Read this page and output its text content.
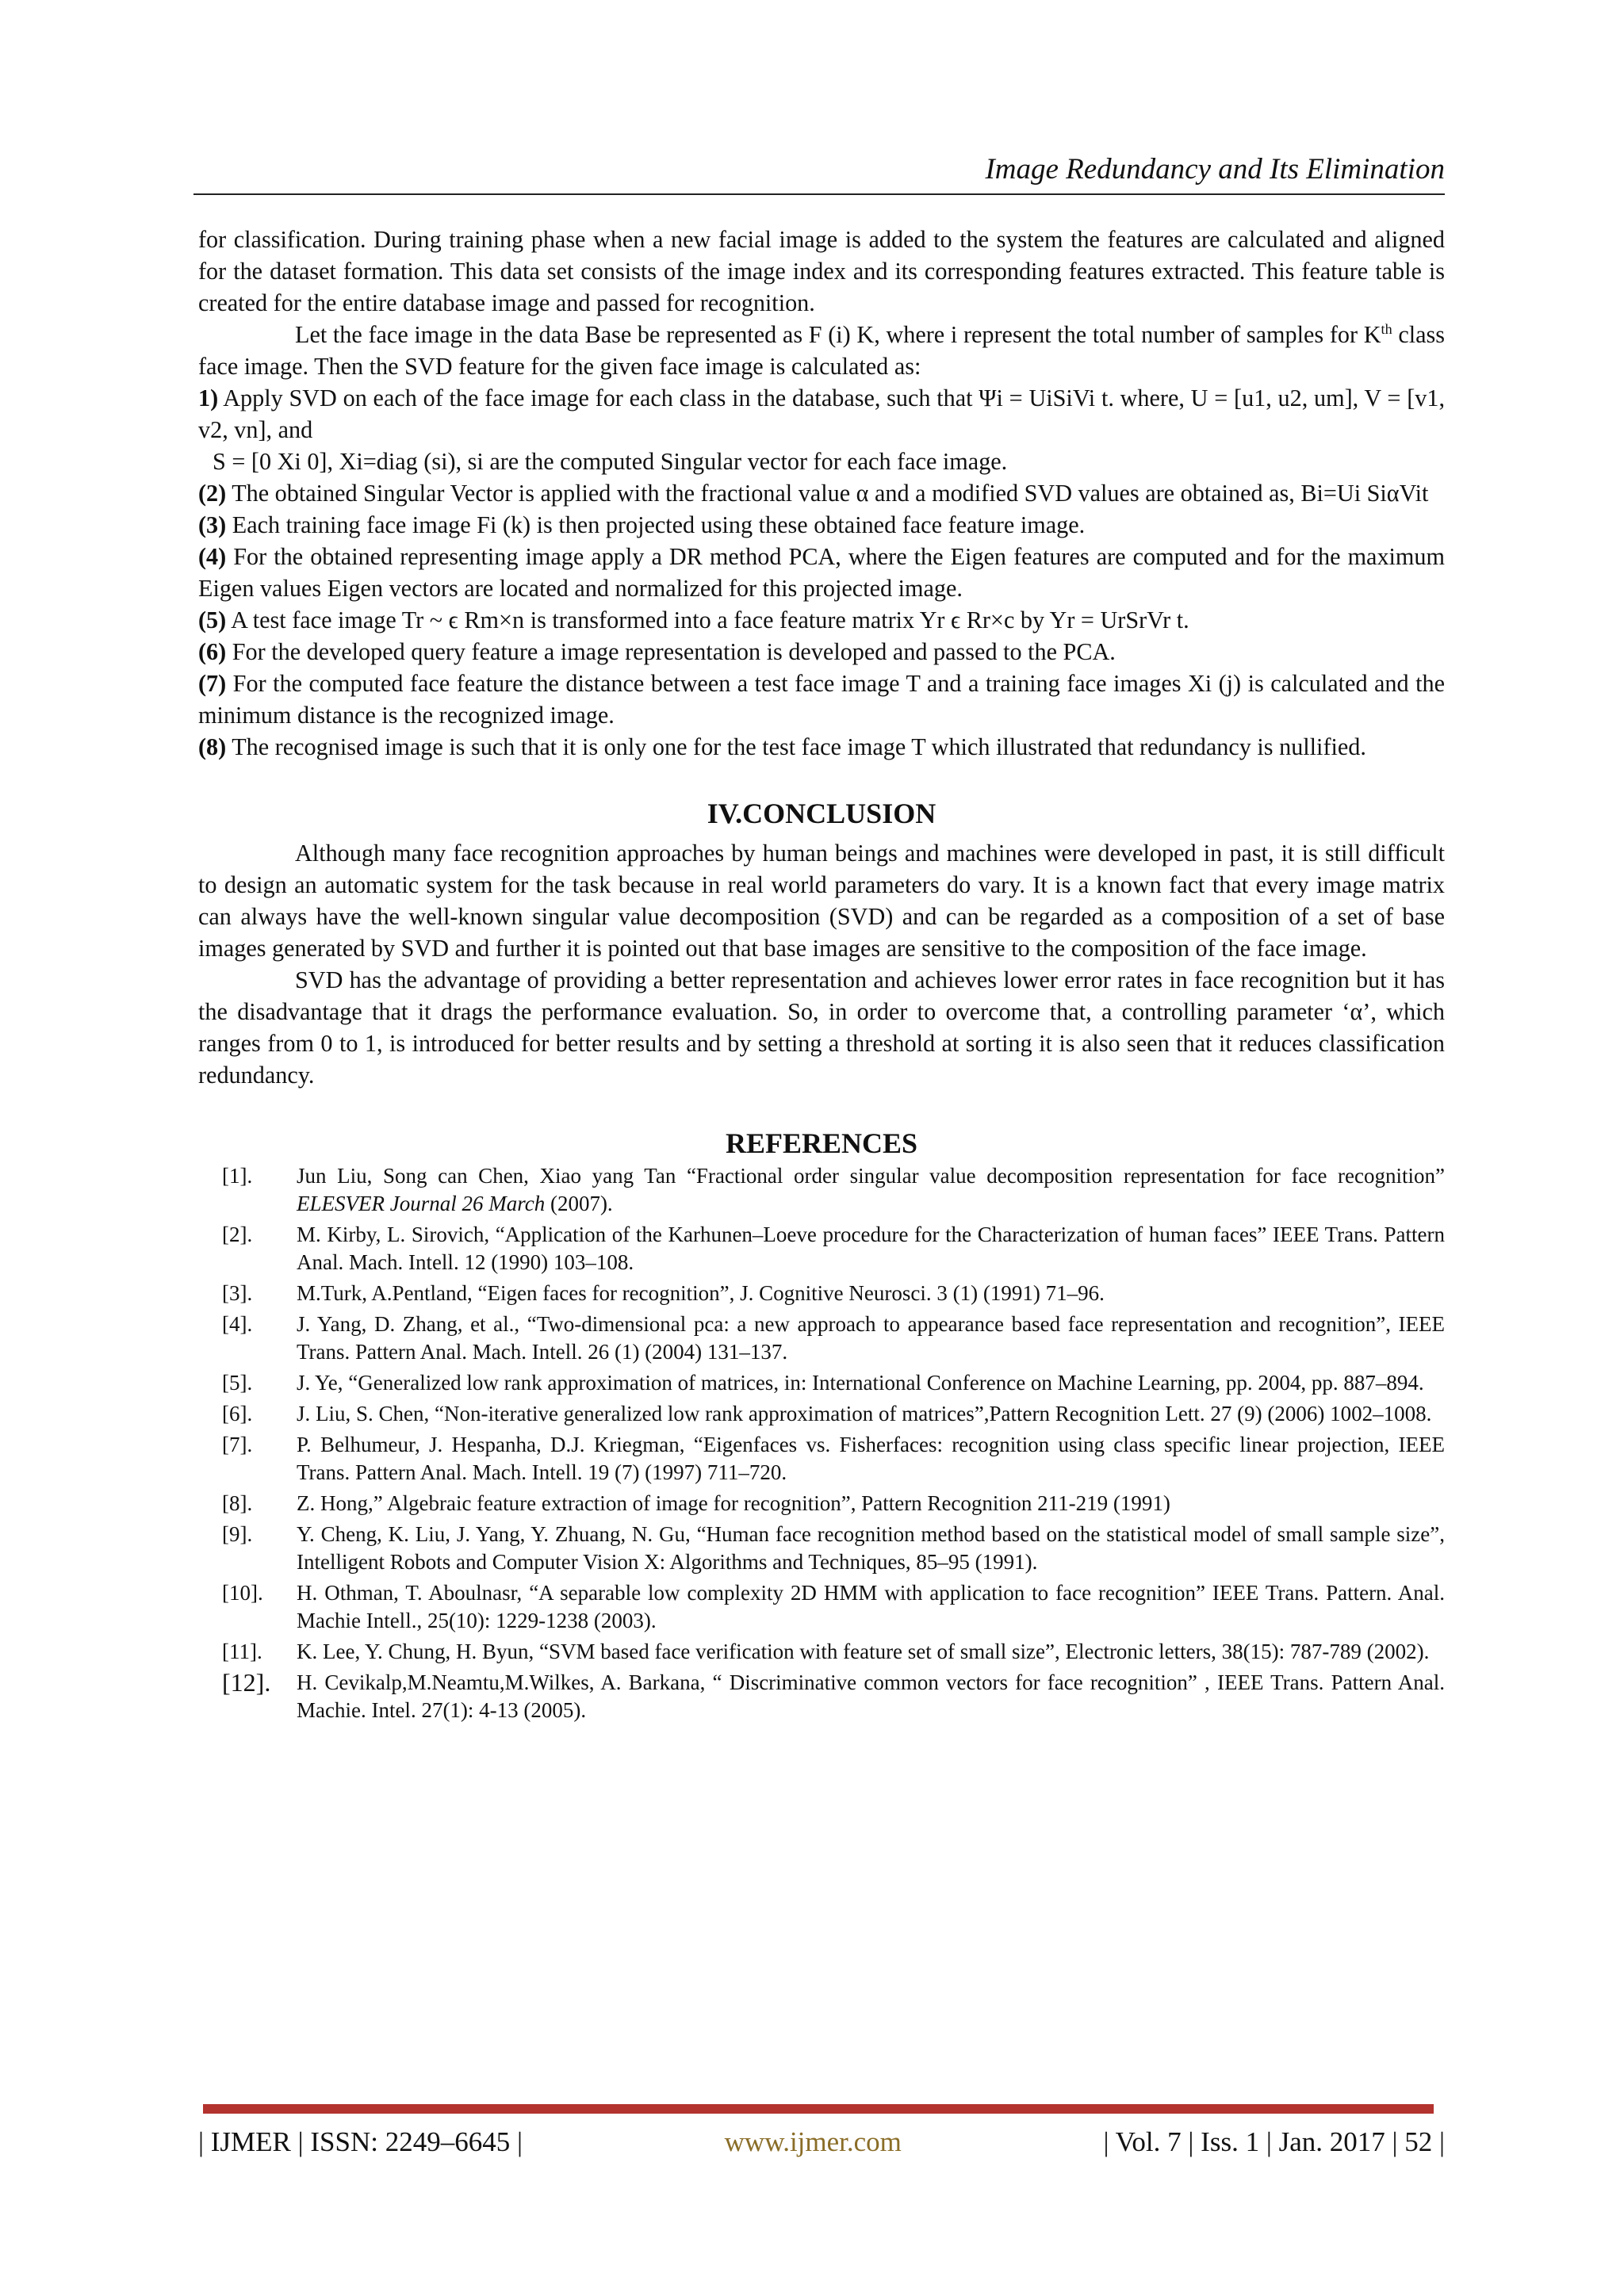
Image Redundancy and Its Elimination

for classification. During training phase when a new facial image is added to the system the features are calculated and aligned for the dataset formation. This data set consists of the image index and its corresponding features extracted. This feature table is created for the entire database image and passed for recognition.

Let the face image in the data Base be represented as F (i) K, where i represent the total number of samples for $K^{th}$ class face image. Then the SVD feature for the given face image is calculated as:

1) Apply SVD on each of the face image for each class in the database, such that Ψi = UiSiVi t. where, U = [u1, u2, um], V = [v1, v2, vn], and

S = [0 Xi 0], Xi=diag (si), si are the computed Singular vector for each face image.

(2) The obtained Singular Vector is applied with the fractional value α and a modified SVD values are obtained as, Bi=Ui SiαVit

(3) Each training face image Fi (k) is then projected using these obtained face feature image.

(4) For the obtained representing image apply a DR method PCA, where the Eigen features are computed and for the maximum Eigen values Eigen vectors are located and normalized for this projected image.

(5) A test face image Tr ~ ϵ Rm×n is transformed into a face feature matrix Yr ϵ Rr×c by Yr = UrSrVr t.

(6) For the developed query feature a image representation is developed and passed to the PCA.

(7) For the computed face feature the distance between a test face image T and a training face images Xi (j) is calculated and the minimum distance is the recognized image.

(8) The recognised image is such that it is only one for the test face image T which illustrated that redundancy is nullified.

IV.CONCLUSION

Although many face recognition approaches by human beings and machines were developed in past, it is still difficult to design an automatic system for the task because in real world parameters do vary. It is a known fact that every image matrix can always have the well-known singular value decomposition (SVD) and can be regarded as a composition of a set of base images generated by SVD and further it is pointed out that base images are sensitive to the composition of the face image.

SVD has the advantage of providing a better representation and achieves lower error rates in face recognition but it has the disadvantage that it drags the performance evaluation. So, in order to overcome that, a controlling parameter ‘α’, which ranges from 0 to 1, is introduced for better results and by setting a threshold at sorting it is also seen that it reduces classification redundancy.

REFERENCES
[1].	Jun Liu, Song can Chen, Xiao yang Tan “Fractional order singular value decomposition representation for face recognition” ELESVER Journal 26 March (2007).
[2].	M. Kirby, L. Sirovich, “Application of the Karhunen–Loeve procedure for the Characterization of human faces” IEEE Trans. Pattern Anal. Mach. Intell. 12 (1990) 103–108.
[3].	M.Turk, A.Pentland, “Eigen faces for recognition”, J. Cognitive Neurosci. 3 (1) (1991) 71–96.
[4].	J. Yang, D. Zhang, et al., “Two-dimensional pca: a new approach to appearance based face representation and recognition”, IEEE Trans. Pattern Anal. Mach. Intell. 26 (1) (2004) 131–137.
[5].	J. Ye, “Generalized low rank approximation of matrices, in: International Conference on Machine Learning, pp. 2004, pp. 887–894.
[6].	J. Liu, S. Chen, “Non-iterative generalized low rank approximation of matrices”,Pattern Recognition Lett. 27 (9) (2006) 1002–1008.
[7].	P. Belhumeur, J. Hespanha, D.J. Kriegman, “Eigenfaces vs. Fisherfaces: recognition using class specific linear projection, IEEE Trans. Pattern Anal. Mach. Intell. 19 (7) (1997) 711–720.
[8].	Z. Hong,” Algebraic feature extraction of image for recognition”, Pattern Recognition 211-219 (1991)
[9].	Y. Cheng, K. Liu, J. Yang, Y. Zhuang, N. Gu, “Human face recognition method based on the statistical model of small sample size”, Intelligent Robots and Computer Vision X: Algorithms and Techniques, 85–95 (1991).
[10].	H. Othman, T. Aboulnasr, “A separable low complexity 2D HMM with application to face recognition” IEEE Trans. Pattern. Anal. Machie Intell., 25(10): 1229-1238 (2003).
[11].	K. Lee, Y. Chung, H. Byun, “SVM based face verification with feature set of small size”, Electronic letters, 38(15): 787-789 (2002).
[12].	H. Cevikalp,M.Neamtu,M.Wilkes, A. Barkana, “ Discriminative common vectors for face recognition” , IEEE Trans. Pattern Anal. Machie. Intel. 27(1): 4-13 (2005).
| IJMER | ISSN: 2249–6645 |	www.ijmer.com	| Vol. 7 | Iss. 1 | Jan. 2017 | 52 |
